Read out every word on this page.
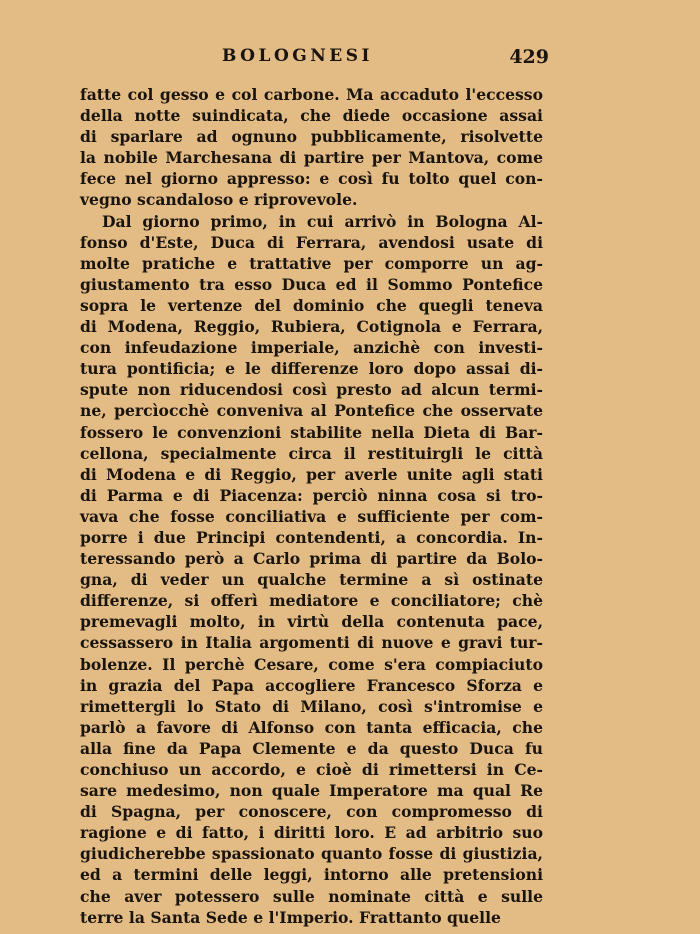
BOLOGNESI	429
fatte col gesso e col carbone. Ma accaduto l'eccesso
della notte suindicata, che diede occasione assai
di sparlare ad ognuno pubblicamente, risolvette
la nobile Marchesana di partire per Mantova, come
fece nel giorno appresso: e così fu tolto quel con-
vegno scandaloso e riprovevole.
Dal giorno primo, in cui arrivò in Bologna Al-
fonso d'Este, Duca di Ferrara, avendosi usate di
molte pratiche e trattative per comporre un ag-
giustamento tra esso Duca ed il Sommo Pontefice
sopra le vertenze del dominio che quegli teneva
di Modena, Reggio, Rubiera, Cotignola e Ferrara,
con infeudazione imperiale, anzichè con investi-
tura pontificia; e le differenze loro dopo assai di-
spute non riducendosi così presto ad alcun termi-
ne, percìocchè conveniva al Pontefice che osservate
fossero le convenzioni stabilite nella Dieta di Bar-
cellona, specialmente circa il restituirgli le città
di Modena e di Reggio, per averle unite agli stati
di Parma e di Piacenza: perciò ninna cosa si tro-
vava che fosse conciliativa e sufficiente per com-
porre i due Principi contendenti, a concordia. In-
teressando però a Carlo prima di partire da Bolo-
gna, di veder un qualche termine a sì ostinate
differenze, si offerì mediatore e conciliatore; chè
premevagli molto, in virtù della contenuta pace,
cessassero in Italia argomenti di nuove e gravi tur-
bolenze. Il perchè Cesare, come s'era compiaciuto
in grazia del Papa accogliere Francesco Sforza e
rimettergli lo Stato di Milano, così s'intromise e
parlò a favore di Alfonso con tanta efficacia, che
alla fine da Papa Clemente e da questo Duca fu
conchiuso un accordo, e cioè di rimettersi in Ce-
sare medesimo, non quale Imperatore ma qual Re
di Spagna, per conoscere, con compromesso di
ragione e di fatto, i diritti loro. E ad arbitrio suo
giudicherebbe spassionato quanto fosse di giustizia,
ed a termini delle leggi, intorno alle pretensioni
che aver potessero sulle nominate città e sulle
terre la Santa Sede e l'Imperio. Frattanto quelle
